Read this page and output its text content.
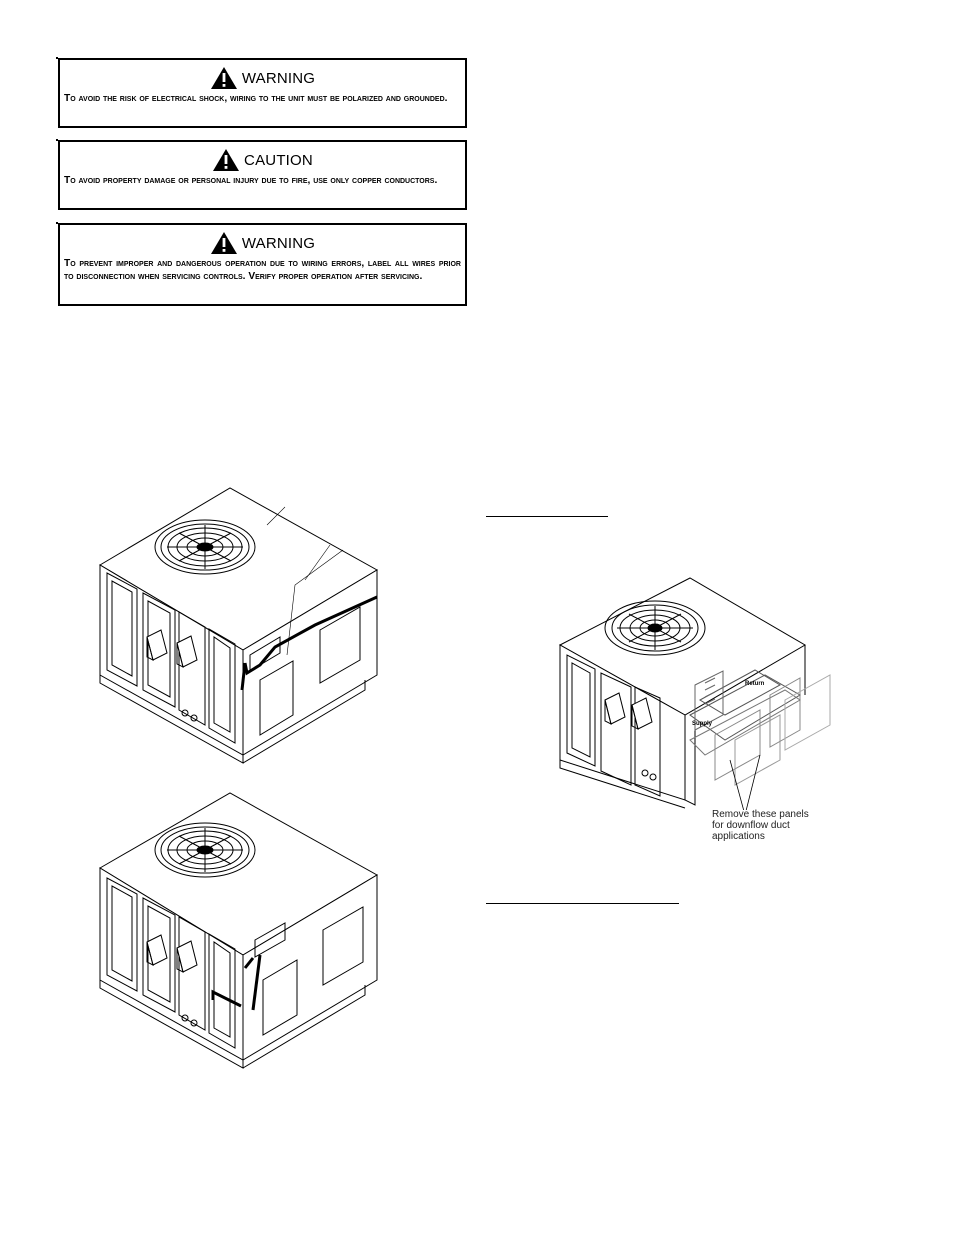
WARNING
To avoid the risk of electrical shock, wiring to the unit must be polarized and grounded.
CAUTION
To avoid property damage or personal injury due to fire, use only copper conductors.
WARNING
To prevent improper and dangerous operation due to wiring errors, label all wires prior to disconnection when servicing controls. Verify proper operation after servicing.
Return
Supply
Remove these panels
for downflow duct
applications
